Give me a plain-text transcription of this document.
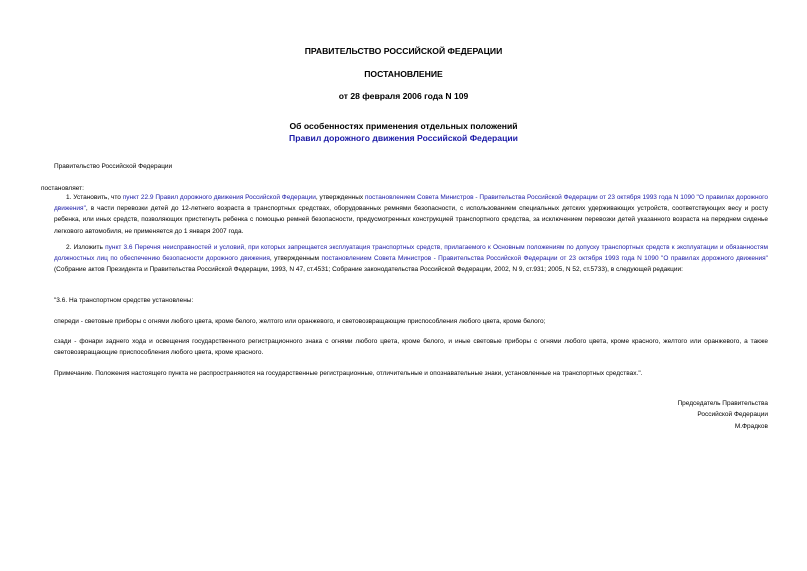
ПРАВИТЕЛЬСТВО РОССИЙСКОЙ ФЕДЕРАЦИИ
ПОСТАНОВЛЕНИЕ
от 28 февраля 2006 года N 109
Об особенностях применения отдельных положений
Правил дорожного движения Российской Федерации

Правительство Российской Федерации

постановляет:

1. Установить, что пункт 22.9 Правил дорожного движения Российской Федерации, утвержденных постановлением Совета Министров - Правительства Российской Федерации от 23 октября 1993 года N 1090 "О правилах дорожного движения", в части перевозки детей до 12-летнего возраста в транспортных средствах, оборудованных ремнями безопасности, с использованием специальных детских удерживающих устройств, соответствующих весу и росту ребенка, или иных средств, позволяющих пристегнуть ребенка с помощью ремней безопасности, предусмотренных конструкцией транспортного средства, за исключением перевозки детей указанного возраста на переднем сиденье легкового автомобиля, не применяется до 1 января 2007 года.

2. Изложить пункт 3.6 Перечня неисправностей и условий, при которых запрещается эксплуатация транспортных средств, прилагаемого к Основным положениям по допуску транспортных средств к эксплуатации и обязанностям должностных лиц по обеспечению безопасности дорожного движения, утвержденным постановлением Совета Министров - Правительства Российской Федерации от 23 октября 1993 года N 1090 "О правилах дорожного движения" (Собрание актов Президента и Правительства Российской Федерации, 1993, N 47, ст.4531; Собрание законодательства Российской Федерации, 2002, N 9, ст.931; 2005, N 52, ст.5733), в следующей редакции:

"3.6. На транспортном средстве установлены:

спереди - световые приборы с огнями любого цвета, кроме белого, желтого или оранжевого, и световозвращающие приспособления любого цвета, кроме белого;

сзади - фонари заднего хода и освещения государственного регистрационного знака с огнями любого цвета, кроме белого, и иные световые приборы с огнями любого цвета, кроме красного, желтого или оранжевого, а также световозвращающие приспособления любого цвета, кроме красного.

Примечание. Положения настоящего пункта не распространяются на государственные регистрационные, отличительные и опознавательные знаки, установленные на транспортных средствах.".

Председатель Правительства
Российской Федерации
М.Фрадков
